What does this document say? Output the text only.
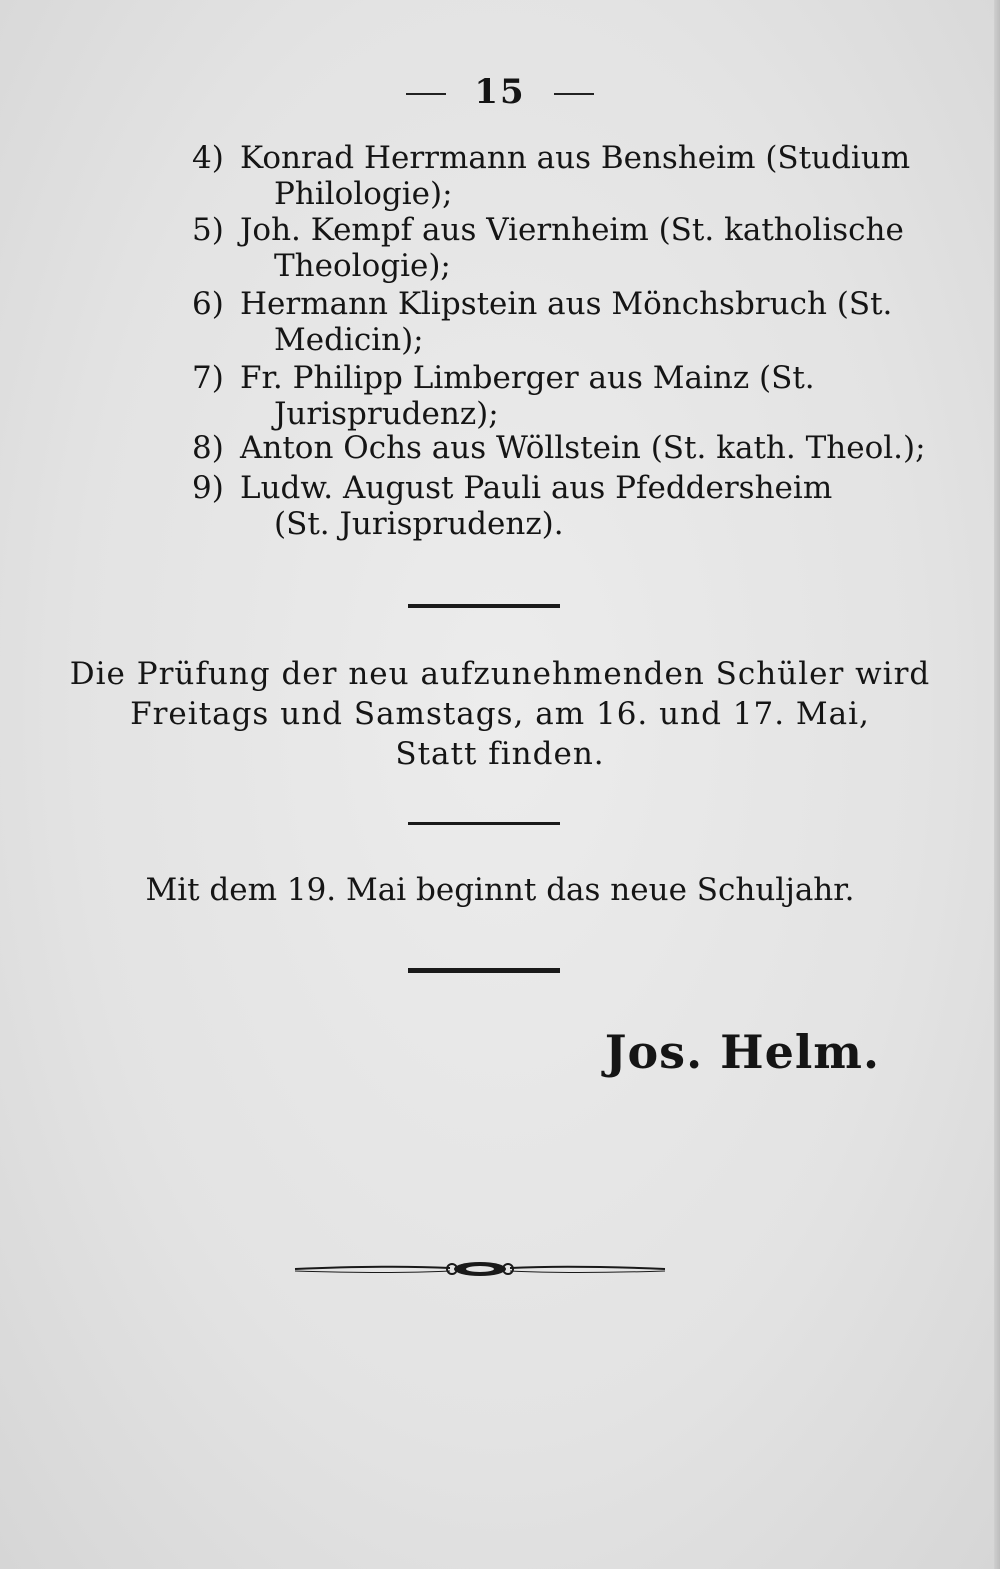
15
4) Konrad Herrmann aus Bensheim (Studium
Philologie);
5) Joh. Kempf aus Viernheim (St. katholische
Theologie);
6) Hermann Klipstein aus Mönchsbruch (St.
Medicin);
7) Fr. Philipp Limberger aus Mainz (St.
Jurisprudenz);
8) Anton Ochs aus Wöllstein (St. kath. Theol.);
9) Ludw. August Pauli aus Pfeddersheim
(St. Jurisprudenz).
Die Prüfung der neu aufzunehmenden Schüler wird
Freitags und Samstags, am 16. und 17. Mai,
Statt finden.
Mit dem 19. Mai beginnt das neue Schuljahr.
Jos. Helm.
